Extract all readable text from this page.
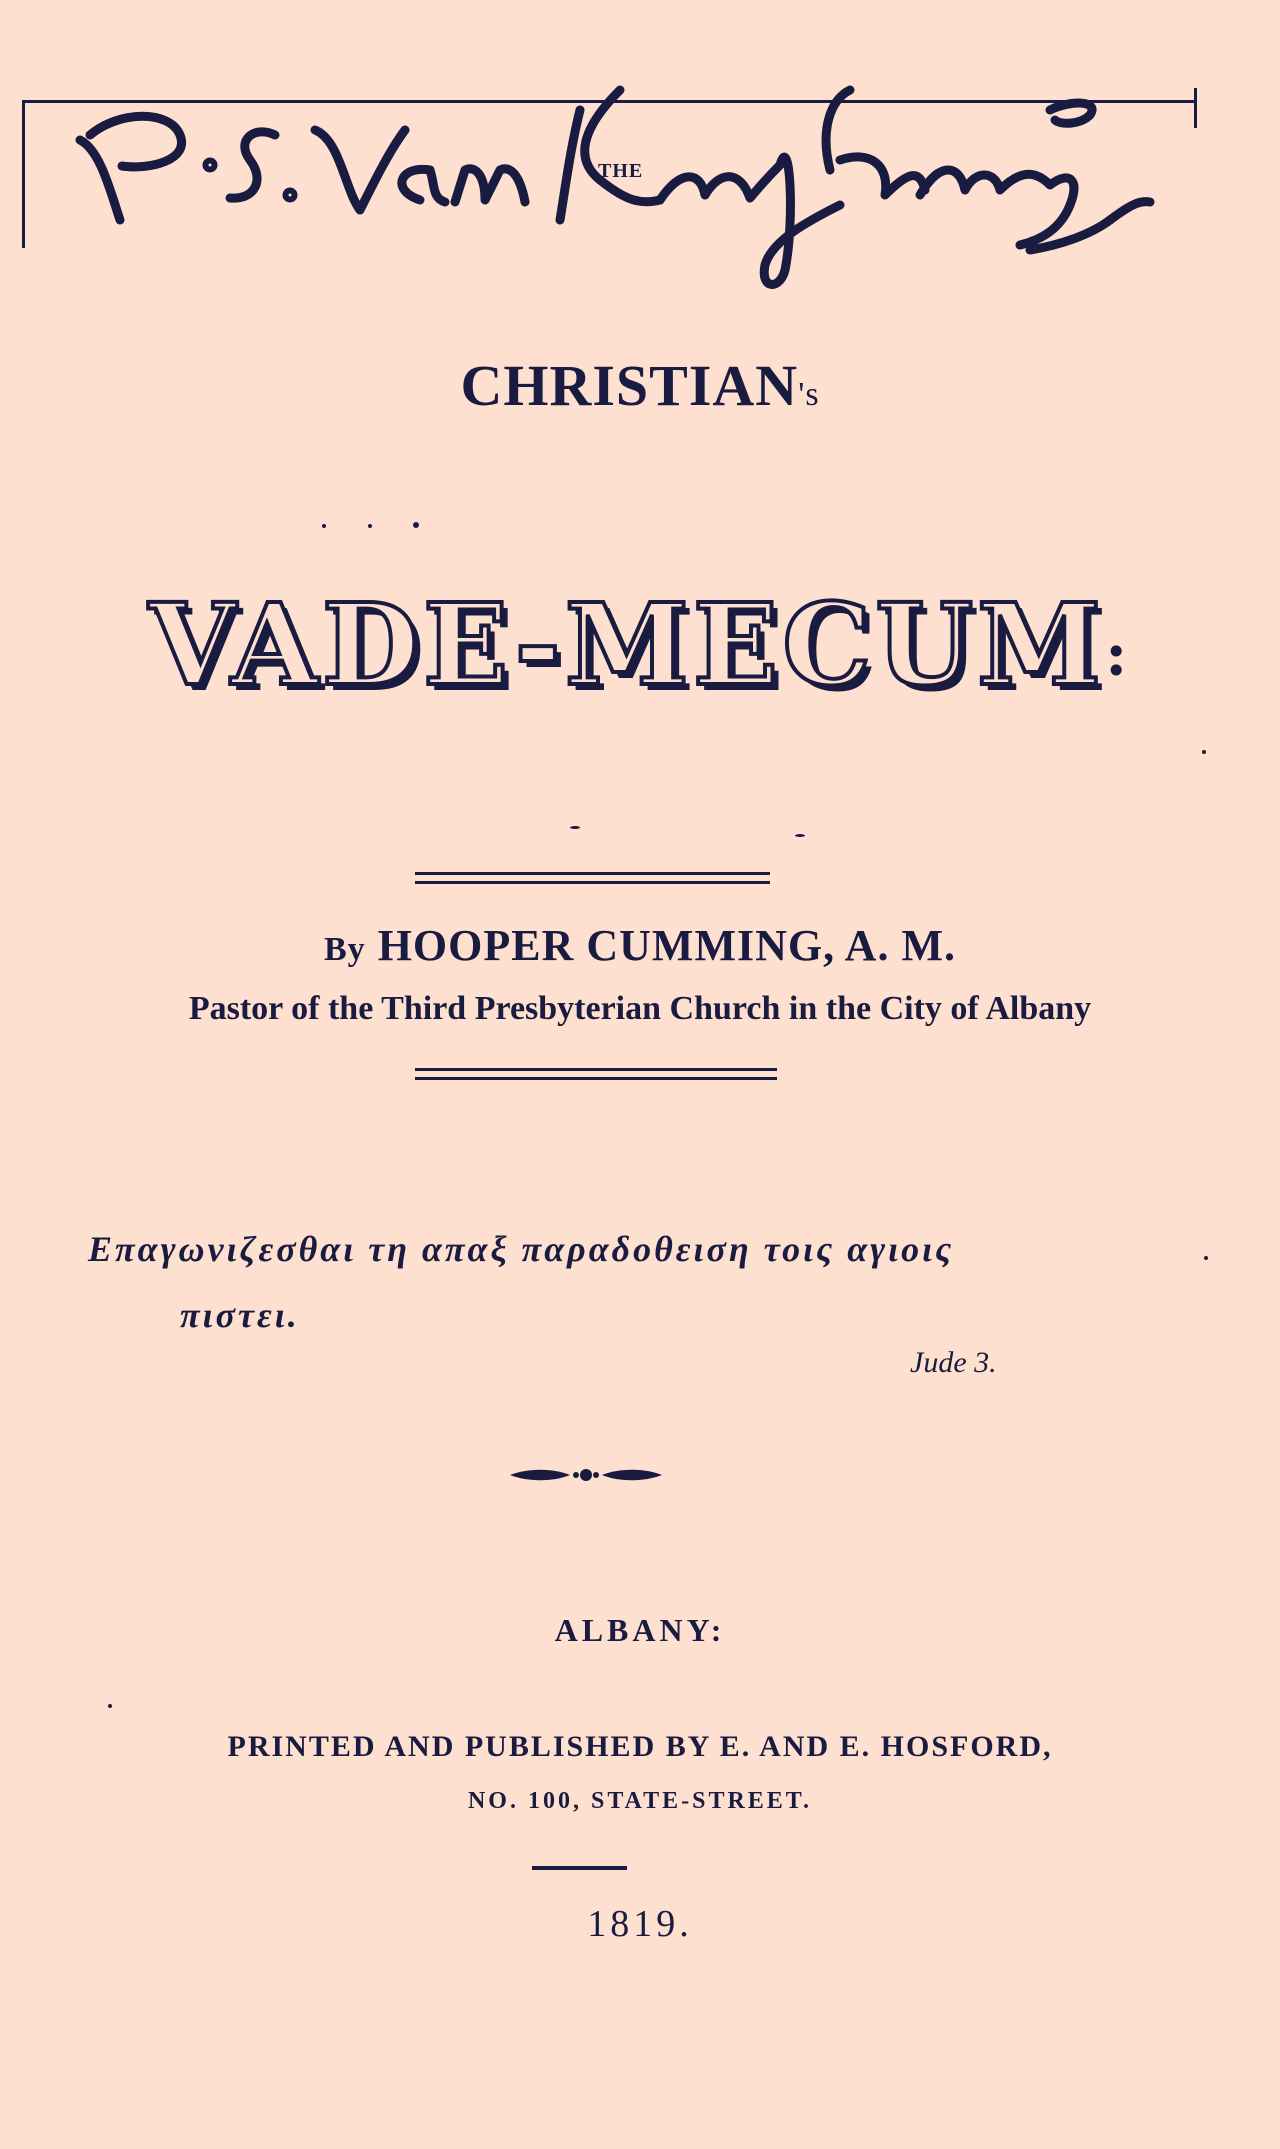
THE
CHRISTIAN's
VADE-MECUM:
By HOOPER CUMMING, A. M.
Pastor of the Third Presbyterian Church in the City of Albany
Επαγωνιζεσθαι τη απαξ παραδοθειση τοις αγιοις
πιστει.
Jude 3.
ALBANY:
PRINTED AND PUBLISHED BY E. AND E. HOSFORD,
NO. 100, STATE-STREET.
1819.
